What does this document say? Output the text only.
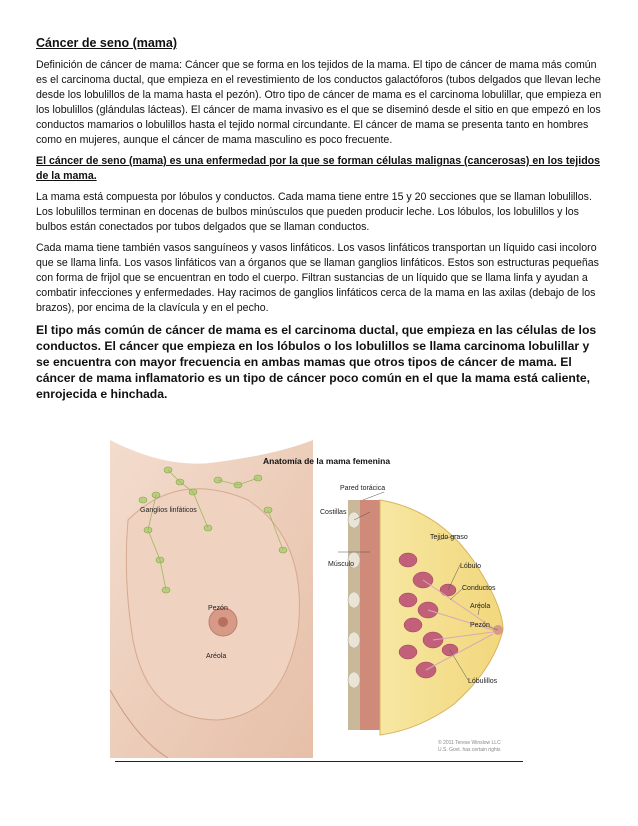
Cáncer de seno (mama)

Definición de cáncer de mama: Cáncer que se forma en los tejidos de la mama. El tipo de cáncer de mama más común es el carcinoma ductal, que empieza en el revestimiento de los conductos galactóforos (tubos delgados que llevan leche desde los lobulillos de la mama hasta el pezón). Otro tipo de cáncer de mama es el carcinoma lobulillar, que empieza en los lobulillos (glándulas lácteas). El cáncer de mama invasivo es el que se diseminó desde el sitio en que empezó en los conductos mamarios o lobulillos hasta el tejido normal circundante. El cáncer de mama se presenta tanto en hombres como en mujeres, aunque el cáncer de mama masculino es poco frecuente.

El cáncer de seno (mama) es una enfermedad por la que se forman células malignas (cancerosas) en los tejidos de la mama.

La mama está compuesta por lóbulos y conductos. Cada mama tiene entre 15 y 20 secciones que se llaman lobulillos. Los lobulillos terminan en docenas de bulbos minúsculos que pueden producir leche. Los lóbulos, los lobulillos y los bulbos están conectados por tubos delgados que se llaman conductos.

Cada mama tiene también vasos sanguíneos y vasos linfáticos. Los vasos linfáticos transportan un líquido casi incoloro que se llama linfa. Los vasos linfáticos van a órganos que se llaman ganglios linfáticos. Estos son estructuras pequeñas con forma de frijol que se encuentran en todo el cuerpo. Filtran sustancias de un líquido que se llama linfa y ayudan a combatir infecciones y enfermedades. Hay racimos de ganglios linfáticos cerca de la mama en las axilas (debajo de los brazos), por encima de la clavícula y en el pecho.

El tipo más común de cáncer de mama es el carcinoma ductal, que empieza en las células de los conductos. El cáncer que empieza en los lóbulos o los lobulillos se llama carcinoma lobulillar y se encuentra con mayor frecuencia en ambas mamas que otros tipos de cáncer de mama. El cáncer de mama inflamatorio es un tipo de cáncer poco común en el que la mama está caliente, enrojecida e hinchada.

Ganglios linfáticos
Pezón
Aréola
Anatomía de la mama femenina
Pared torácica
Costillas
Músculo
Tejido graso
Lóbulo
Conductos
Aréola
Pezón
Lóbulillos
© 2011 Terese Winslow LLC
U.S. Govt. has certain rights
